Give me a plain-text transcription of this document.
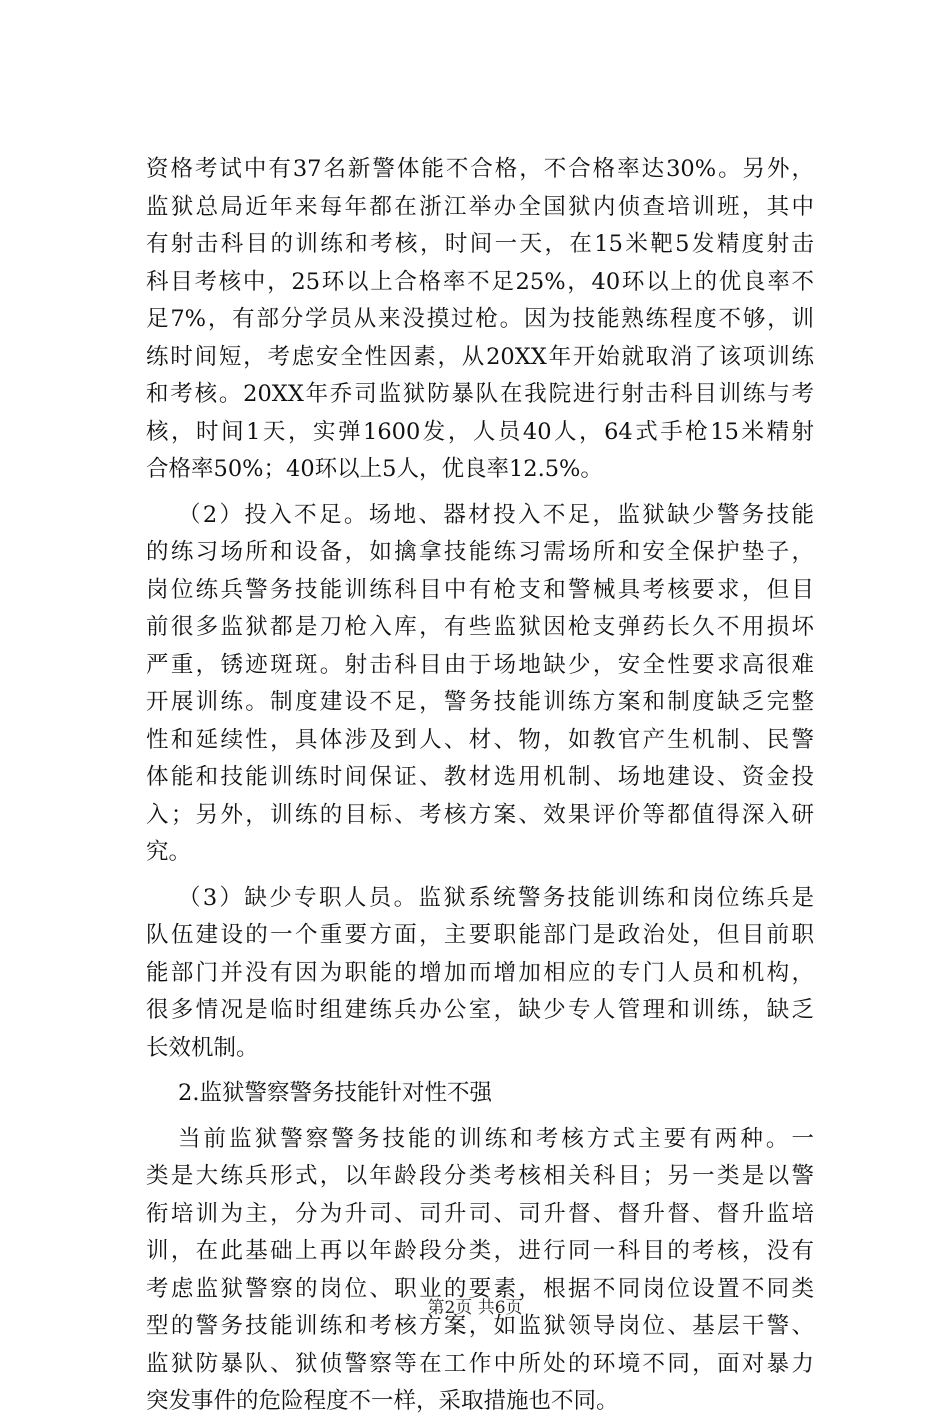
资格考试中有37名新警体能不合格，不合格率达30%。另外，
监狱总局近年来每年都在浙江举办全国狱内侦查培训班，其中
有射击科目的训练和考核，时间一天，在15米靶5发精度射击
科目考核中，25环以上合格率不足25%，40环以上的优良率不
足7%，有部分学员从来没摸过枪。因为技能熟练程度不够，训
练时间短，考虑安全性因素，从20XX年开始就取消了该项训练
和考核。20XX年乔司监狱防暴队在我院进行射击科目训练与考
核，时间1天，实弹1600发，人员40人，64式手枪15米精射
合格率50%；40环以上5人，优良率12.5%。
（2）投入不足。场地、器材投入不足，监狱缺少警务技能
的练习场所和设备，如擒拿技能练习需场所和安全保护垫子，
岗位练兵警务技能训练科目中有枪支和警械具考核要求，但目
前很多监狱都是刀枪入库，有些监狱因枪支弹药长久不用损坏
严重，锈迹斑斑。射击科目由于场地缺少，安全性要求高很难
开展训练。制度建设不足，警务技能训练方案和制度缺乏完整
性和延续性，具体涉及到人、材、物，如教官产生机制、民警
体能和技能训练时间保证、教材选用机制、场地建设、资金投
入；另外，训练的目标、考核方案、效果评价等都值得深入研
究。
（3）缺少专职人员。监狱系统警务技能训练和岗位练兵是
队伍建设的一个重要方面，主要职能部门是政治处，但目前职
能部门并没有因为职能的增加而增加相应的专门人员和机构，
很多情况是临时组建练兵办公室，缺少专人管理和训练，缺乏
长效机制。
2.监狱警察警务技能针对性不强
当前监狱警察警务技能的训练和考核方式主要有两种。一
类是大练兵形式，以年龄段分类考核相关科目；另一类是以警
衔培训为主，分为升司、司升司、司升督、督升督、督升监培
训，在此基础上再以年龄段分类，进行同一科目的考核，没有
考虑监狱警察的岗位、职业的要素，根据不同岗位设置不同类
型的警务技能训练和考核方案，如监狱领导岗位、基层干警、
监狱防暴队、狱侦警察等在工作中所处的环境不同，面对暴力
突发事件的危险程度不一样，采取措施也不同。
第2页 共6页
